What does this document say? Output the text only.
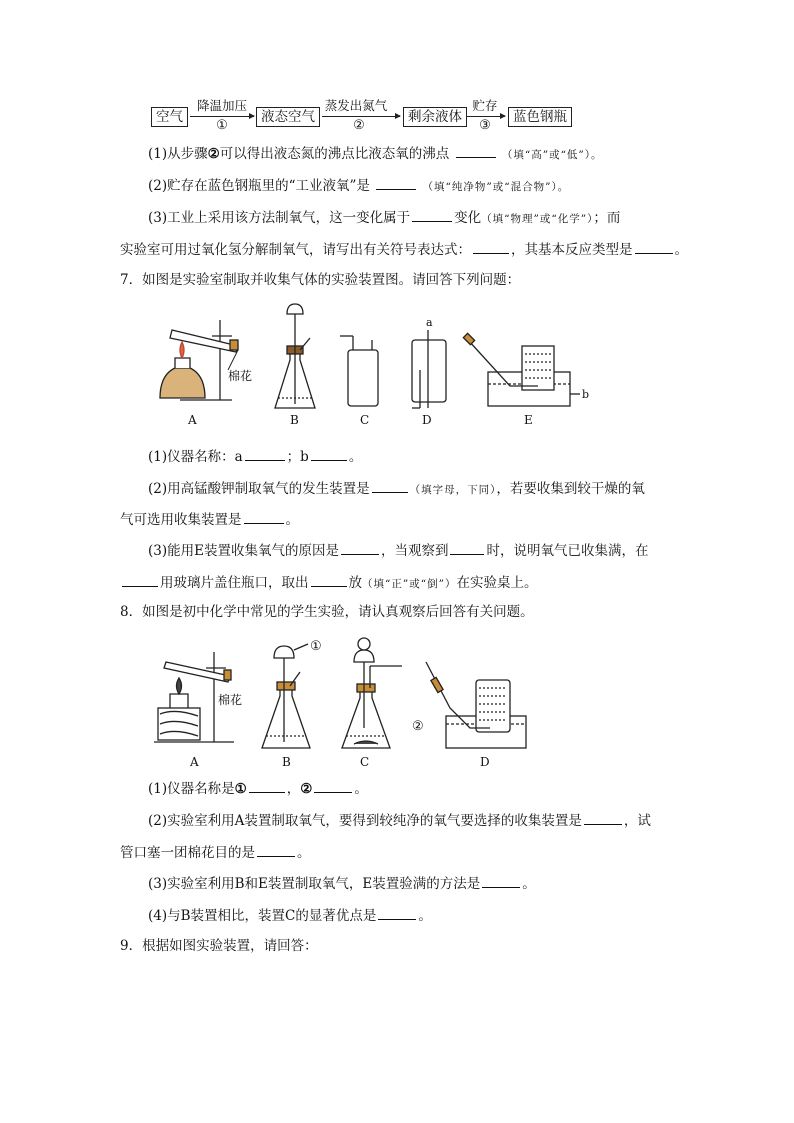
空气
降温加压
①
液态空气
蒸发出氮气
②
剩余液体
贮存
③
蓝色钢瓶
(1)从步骤②可以得出液态氮的沸点比液态氧的沸点	（填“高”或“低”）。
(2)贮存在蓝色钢瓶里的“工业液氧”是	（填“纯净物”或“混合物”）。
(3)工业上采用该方法制氧气，这一变化属于	变化（填“物理”或“化学”）；而
实验室可用过氧化氢分解制氧气，请写出有关符号表达式：	，其基本反应类型是	。
7．如图是实验室制取并收集气体的实验装置图。请回答下列问题：
棉花
a
b
A	B	C	D	E
(1)仪器名称：a	；b	。
(2)用高锰酸钾制取氧气的发生装置是	（填字母，下同），若要收集到较干燥的氧
气可选用收集装置是	。
(3)能用E装置收集氧气的原因是	，当观察到	时，说明氧气已收集满，在
用玻璃片盖住瓶口，取出	放（填“正”或“倒”）在实验桌上。
8．如图是初中化学中常见的学生实验，请认真观察后回答有关问题。
棉花
①
②
A	B	C	D
(1)仪器名称是①	，②	。
(2)实验室利用A装置制取氧气，要得到较纯净的氧气要选择的收集装置是	，试
管口塞一团棉花目的是	。
(3)实验室利用B和E装置制取氧气，E装置验满的方法是	。
(4)与B装置相比，装置C的显著优点是	。
9．根据如图实验装置，请回答：
